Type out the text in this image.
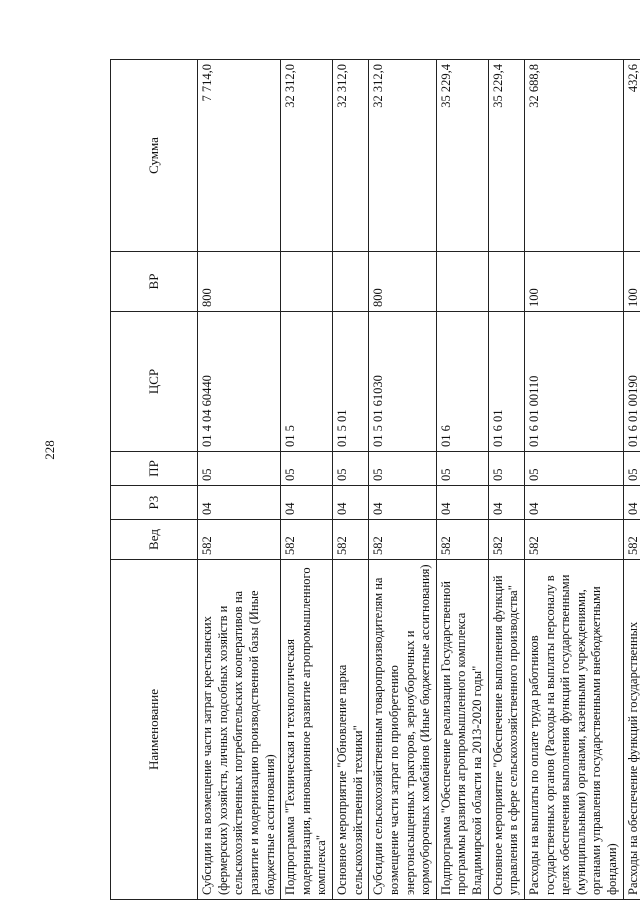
228
Наименование	Вед	РЗ	ПР	ЦСР	ВР	Сумма
Субсидии на возмещение части затрат крестьянских (фермерских) хозяйств, личных подсобных хозяйств и сельскохозяйственных потребительских кооперативов на развитие и модернизацию производственной базы (Иные бюджетные ассигнования)	582	04	05	01 4 04 60440	800	7 714,0
Подпрограмма "Техническая и технологическая модернизация, инновационное развитие агропромышленного комплекса"	582	04	05	01 5		32 312,0
Основное мероприятие "Обновление парка сельскохозяйственной техники"	582	04	05	01 5 01		32 312,0
Субсидии сельскохозяйственным товаропроизводителям на возмещение части затрат по приобретению энергонасыщенных тракторов, зерноуборочных и кормоуборочных комбайнов (Иные бюджетные ассигнования)	582	04	05	01 5 01 61030	800	32 312,0
Подпрограмма "Обеспечение реализации Государственной программы развития агропромышленного комплекса Владимирской области на 2013-2020 годы"	582	04	05	01 6		35 229,4
Основное мероприятие "Обеспечение выполнения функций управления в сфере сельскохозяйственного производства"	582	04	05	01 6 01		35 229,4
Расходы на выплаты по оплате труда работников государственных органов (Расходы на выплаты персоналу в целях обеспечения выполнения функций государственными (муниципальными) органами, казенными учреждениями, органами управления государственными внебюджетными фондами)	582	04	05	01 6 01 00110	100	32 688,8
Расходы на обеспечение функций государственных	582	04	05	01 6 01 00190	100	432,6
